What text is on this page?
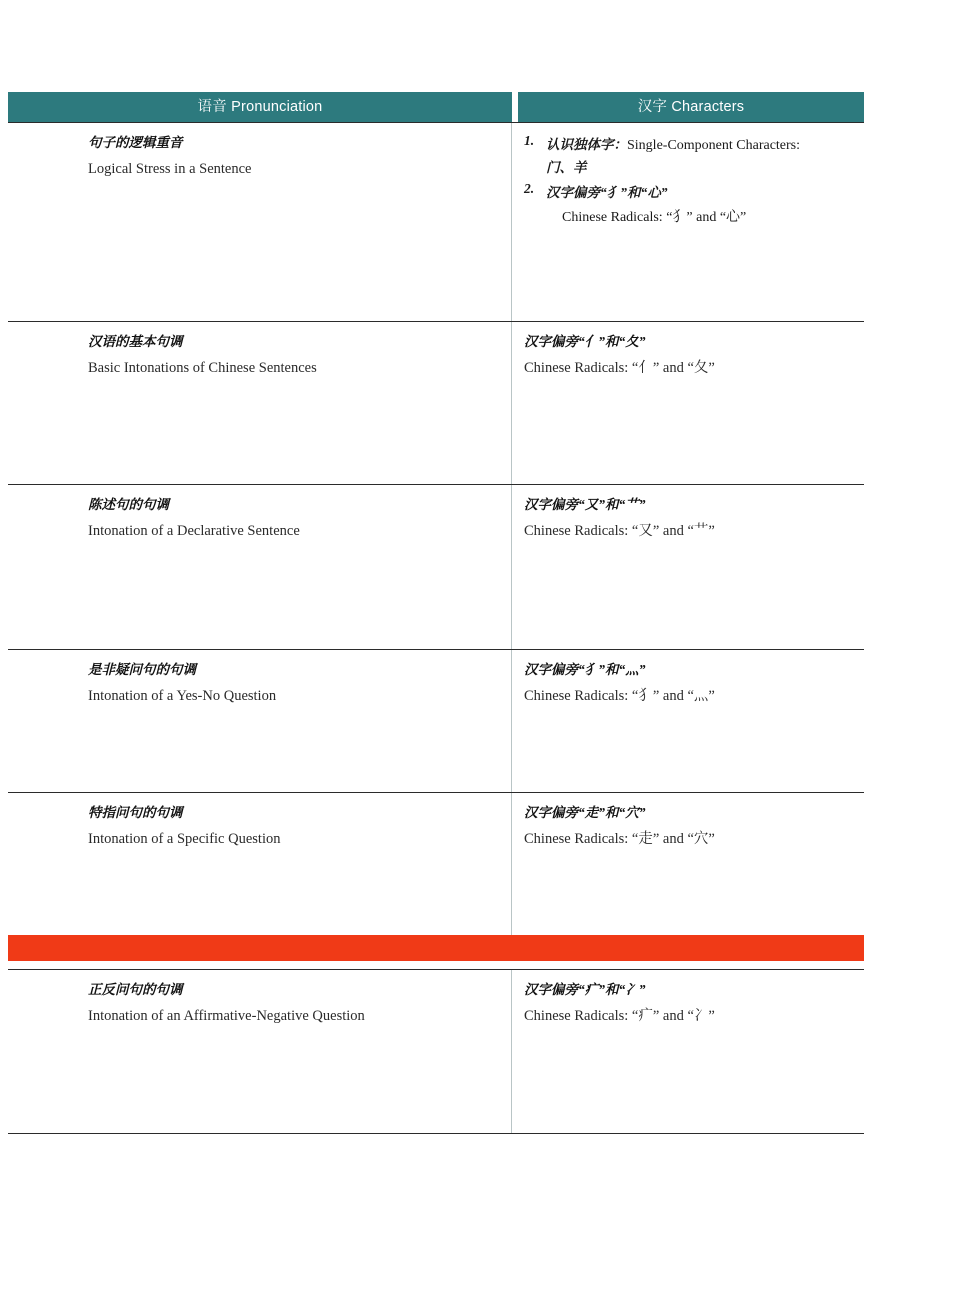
语音 Pronunciation	汉字 Characters

句子的逻辑重音

Logical Stress in a Sentence

1. 认识独体字：Single-Component Characters:
门、羊
2. 汉字偏旁“犭”和“心”
Chinese Radicals: “犭” and “心”

汉语的基本句调

Basic Intonations of Chinese Sentences

汉字偏旁“亻”和“夂”

Chinese Radicals: “亻” and “夂”

陈述句的句调

Intonation of a Declarative Sentence

汉字偏旁“又”和“艹”

Chinese Radicals: “又” and “艹”

是非疑问句的句调

Intonation of a Yes-No Question

汉字偏旁“犭”和“灬”

Chinese Radicals: “犭” and “灬”

特指问句的句调

Intonation of a Specific Question

汉字偏旁“走”和“穴”

Chinese Radicals: “走” and “穴”

正反问句的句调

Intonation of an Affirmative-Negative Question

汉字偏旁“疒”和“冫”

Chinese Radicals: “疒” and “冫”
